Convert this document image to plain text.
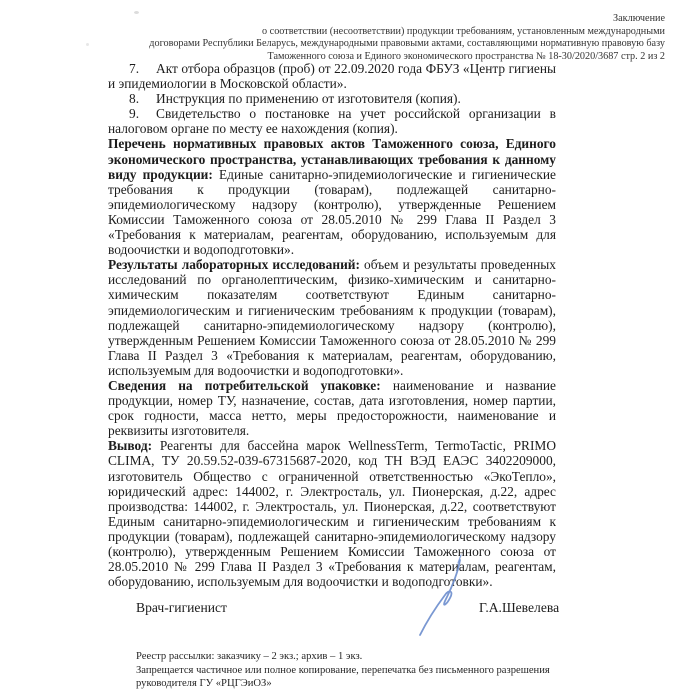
Заключение
о соответствии (несоответствии) продукции требованиям, установленным международными
договорами Республики Беларусь, международными правовыми актами, составляющими нормативную правовую базу
Таможенного союза и Единого экономического пространства № 18-30/2020/3687 стр. 2 из 2
7. Акт отбора образцов (проб) от 22.09.2020 года ФБУЗ «Центр гигиены и эпидемиологии в Московской области».
8. Инструкция по применению от изготовителя (копия).
9. Свидетельство о постановке на учет российской организации в налоговом органе по месту ее нахождения (копия).
Перечень нормативных правовых актов Таможенного союза, Единого экономического пространства, устанавливающих требования к данному виду продукции: Единые санитарно-эпидемиологические и гигиенические требования к продукции (товарам), подлежащей санитарно-эпидемиологическому надзору (контролю), утвержденные Решением Комиссии Таможенного союза от 28.05.2010 № 299 Глава II Раздел 3 «Требования к материалам, реагентам, оборудованию, используемым для водоочистки и водоподготовки».
Результаты лабораторных исследований: объем и результаты проведенных исследований по органолептическим, физико-химическим и санитарно-химическим показателям соответствуют Единым санитарно-эпидемиологическим и гигиеническим требованиям к продукции (товарам), подлежащей санитарно-эпидемиологическому надзору (контролю), утвержденным Решением Комиссии Таможенного союза от 28.05.2010 № 299 Глава II Раздел 3 «Требования к материалам, реагентам, оборудованию, используемым для водоочистки и водоподготовки».
Сведения на потребительской упаковке: наименование и название продукции, номер ТУ, назначение, состав, дата изготовления, номер партии, срок годности, масса нетто, меры предосторожности, наименование и реквизиты изготовителя.
Вывод: Реагенты для бассейна марок WellnessTerm, TermoTactic, PRIMO CLIMA, ТУ 20.59.52-039-67315687-2020, код ТН ВЭД ЕАЭС 3402209000, изготовитель Общество с ограниченной ответственностью «ЭкоТепло», юридический адрес: 144002, г. Электросталь, ул. Пионерская, д.22, адрес производства: 144002, г. Электросталь, ул. Пионерская, д.22, соответствуют Единым санитарно-эпидемиологическим и гигиеническим требованиям к продукции (товарам), подлежащей санитарно-эпидемиологическому надзору (контролю), утвержденным Решением Комиссии Таможенного союза от 28.05.2010 № 299 Глава II Раздел 3 «Требования к материалам, реагентам, оборудованию, используемым для водоочистки и водоподготовки».
Врач-гигиенист	Г.А.Шевелева
Реестр рассылки: заказчику – 2 экз.; архив – 1 экз.
Запрещается частичное или полное копирование, перепечатка без письменного разрешения
руководителя ГУ «РЦГЭиОЗ»
